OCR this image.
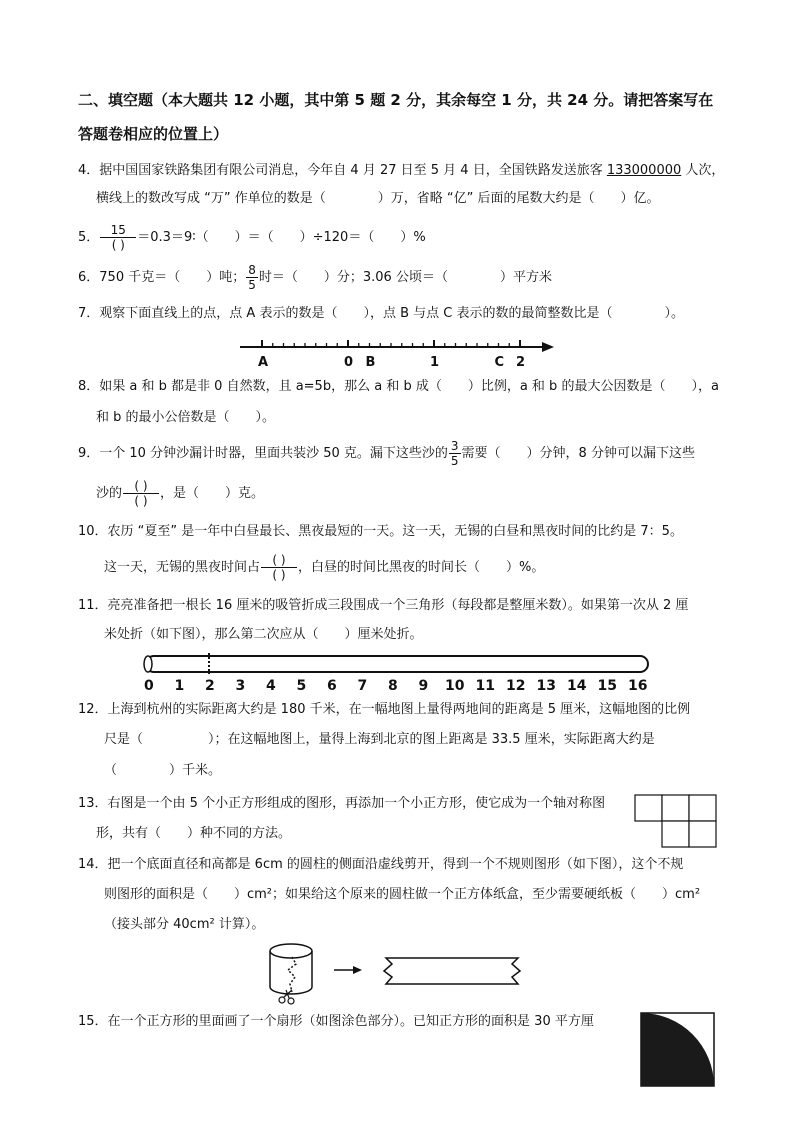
二、填空题（本大题共 12 小题，其中第 5 题 2 分，其余每空 1 分，共 24 分。请把答案写在
答题卷相应的位置上）
4．据中国国家铁路集团有限公司消息，今年自 4 月 27 日至 5 月 4 日，全国铁路发送旅客 133000000 人次，
横线上的数改写成 “万” 作单位的数是（　　　　）万，省略 “亿” 后面的尾数大约是（　　）亿。
5． $\frac{15}{( )}$ ＝0.3＝9∶（　　）＝（　　）÷120＝（　　）%
6．750 千克＝（　　）吨； $\frac{8}{5}$ 时＝（　　）分；3.06 公顷＝（　　　　）平方米
7．观察下面直线上的点，点 A 表示的数是（　　），点 B 与点 C 表示的数的最简整数比是（　　　　）。
A	0 B	1	C 2
8．如果 a 和 b 都是非 0 自然数，且 a=5b，那么 a 和 b 成（　　）比例，a 和 b 的最大公因数是（　　），a
和 b 的最小公倍数是（　　）。
9．一个 10 分钟沙漏计时器，里面共装沙 50 克。漏下这些沙的 $\frac{3}{5}$ 需要（　　）分钟，8 分钟可以漏下这些
沙的 $\frac{( )}{( )}$ ，是（　　）克。
10．农历 “夏至” 是一年中白昼最长、黑夜最短的一天。这一天，无锡的白昼和黑夜时间的比约是 7：5。
这一天，无锡的黑夜时间占 $\frac{( )}{( )}$ ，白昼的时间比黑夜的时间长（　　）%。
11．亮亮准备把一根长 16 厘米的吸管折成三段围成一个三角形（每段都是整厘米数）。如果第一次从 2 厘
米处折（如下图），那么第二次应从（　　）厘米处折。
0 1 2 3 4 5 6 7 8 9 10 11 12 13 14 15 16
12．上海到杭州的实际距离大约是 180 千米，在一幅地图上量得两地间的距离是 5 厘米，这幅地图的比例
尺是（　　　　　）；在这幅地图上，量得上海到北京的图上距离是 33.5 厘米，实际距离大约是
（　　　　）千米。
13．右图是一个由 5 个小正方形组成的图形，再添加一个小正方形，使它成为一个轴对称图
形，共有（　　）种不同的方法。
14．把一个底面直径和高都是 6cm 的圆柱的侧面沿虚线剪开，得到一个不规则图形（如下图），这个不规
则图形的面积是（　　）cm²；如果给这个原来的圆柱做一个正方体纸盒，至少需要硬纸板（　　）cm²
（接头部分 40cm² 计算）。
15．在一个正方形的里面画了一个扇形（如图涂色部分）。已知正方形的面积是 30 平方厘
